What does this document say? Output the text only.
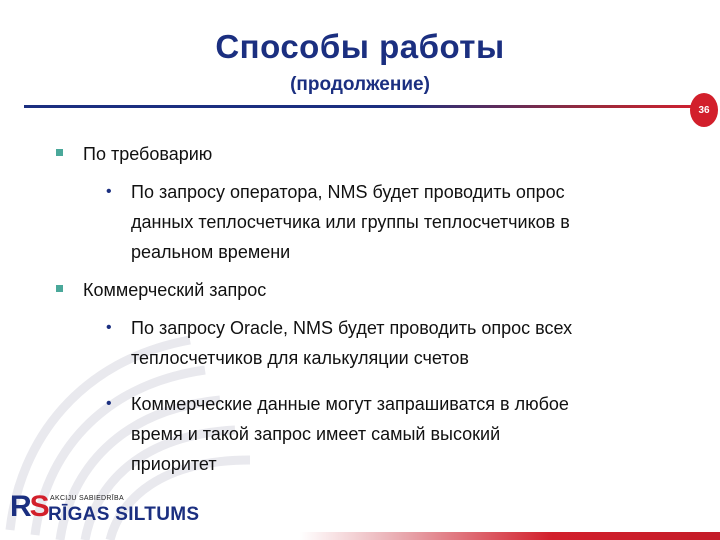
Способы работы
(продолжение)
36
По требоварию
• По запросу оператора, NMS будет проводить опрос
данных теплосчетчика или группы теплосчетчиков в
реальном времени
Коммерческий запрос
• По запросу Oracle, NMS будет проводить опрос всех
теплосчетчиков для калькуляции счетов
• Коммерческие данные могут запрашиватся в любое
время и такой запрос имеет самый высокий
приоритет
RS AKCIJU SABIEDRĪBA
RĪGAS SILTUMS
